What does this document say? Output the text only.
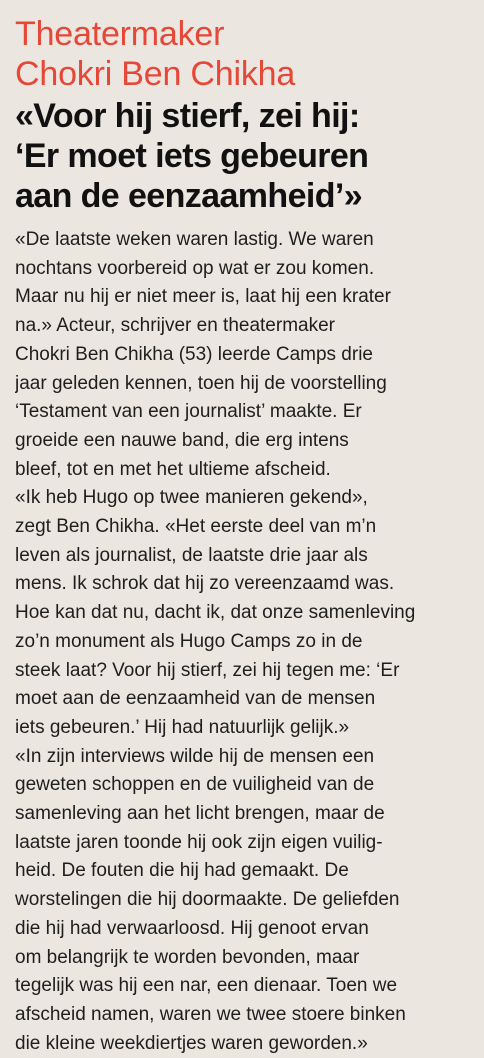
Theatermaker
Chokri Ben Chikha
«Voor hij stierf, zei hij:
‘Er moet iets gebeuren
aan de eenzaamheid’»
«De laatste weken waren lastig. We waren
nochtans voorbereid op wat er zou komen.
Maar nu hij er niet meer is, laat hij een krater
na.» Acteur, schrijver en theatermaker
Chokri Ben Chikha (53) leerde Camps drie
jaar geleden kennen, toen hij de voorstelling
‘Testament van een journalist’ maakte. Er
groeide een nauwe band, die erg intens
bleef, tot en met het ultieme afscheid.
«Ik heb Hugo op twee manieren gekend»,
zegt Ben Chikha. «Het eerste deel van m’n
leven als journalist, de laatste drie jaar als
mens. Ik schrok dat hij zo vereenzaamd was.
Hoe kan dat nu, dacht ik, dat onze samenleving
zo’n monument als Hugo Camps zo in de
steek laat? Voor hij stierf, zei hij tegen me: ‘Er
moet aan de eenzaamheid van de mensen
iets gebeuren.’ Hij had natuurlijk gelijk.»
«In zijn interviews wilde hij de mensen een
geweten schoppen en de vuiligheid van de
samenleving aan het licht brengen, maar de
laatste jaren toonde hij ook zijn eigen vuilig-
heid. De fouten die hij had gemaakt. De
worstelingen die hij doormaakte. De geliefden
die hij had verwaarloosd. Hij genoot ervan
om belangrijk te worden bevonden, maar
tegelijk was hij een nar, een dienaar. Toen we
afscheid namen, waren we twee stoere binken
die kleine weekdiertjes waren geworden.»
